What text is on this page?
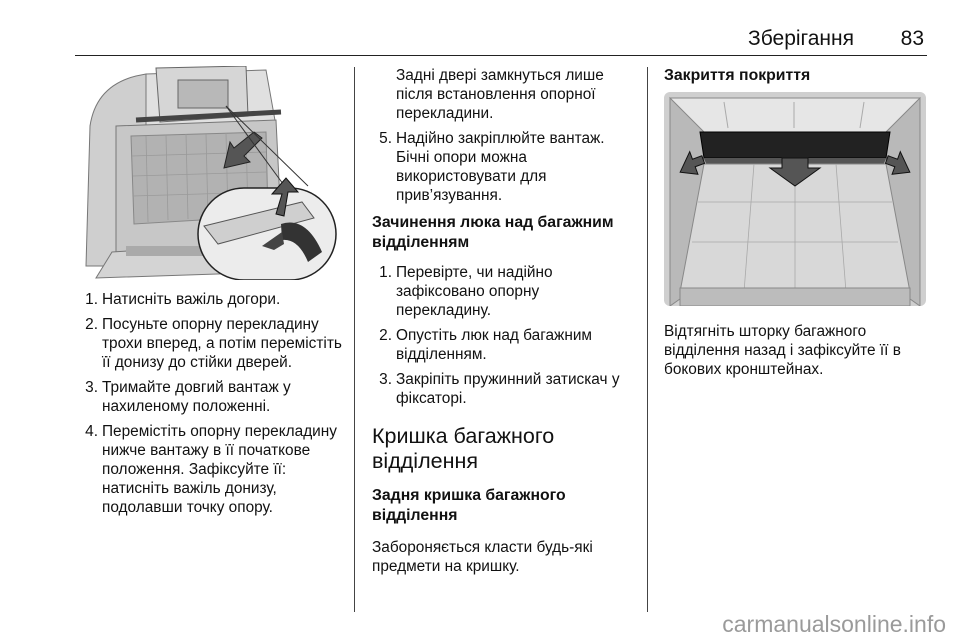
Зберігання 83
1. Натисніть важіль догори.
2. Посуньте опорну перекладину трохи вперед, а потім перемістіть її донизу до стійки дверей.
3. Тримайте довгий вантаж у нахиленому положенні.
4. Перемістіть опорну перекладину нижче вантажу в її початкове положення. Зафіксуйте її: натисніть важіль донизу, подолавши точку опору.

Задні двері замкнуться лише після встановлення опорної перекладини.

5. Надійно закріплюйте вантаж. Бічні опори можна використовувати для прив’язування.
Зачинення люка над багажним відділенням
1. Перевірте, чи надійно зафіксовано опорну перекладину.
2. Опустіть люк над багажним відділенням.
3. Закріпіть пружинний затискач у фіксаторі.
Кришка багажного відділення
Задня кришка багажного відділення

Забороняється класти будь-які предмети на кришку.

Закриття покриття

Відтягніть шторку багажного відділення назад і зафіксуйте її в бокових кронштейнах.

carmanualsonline.info
